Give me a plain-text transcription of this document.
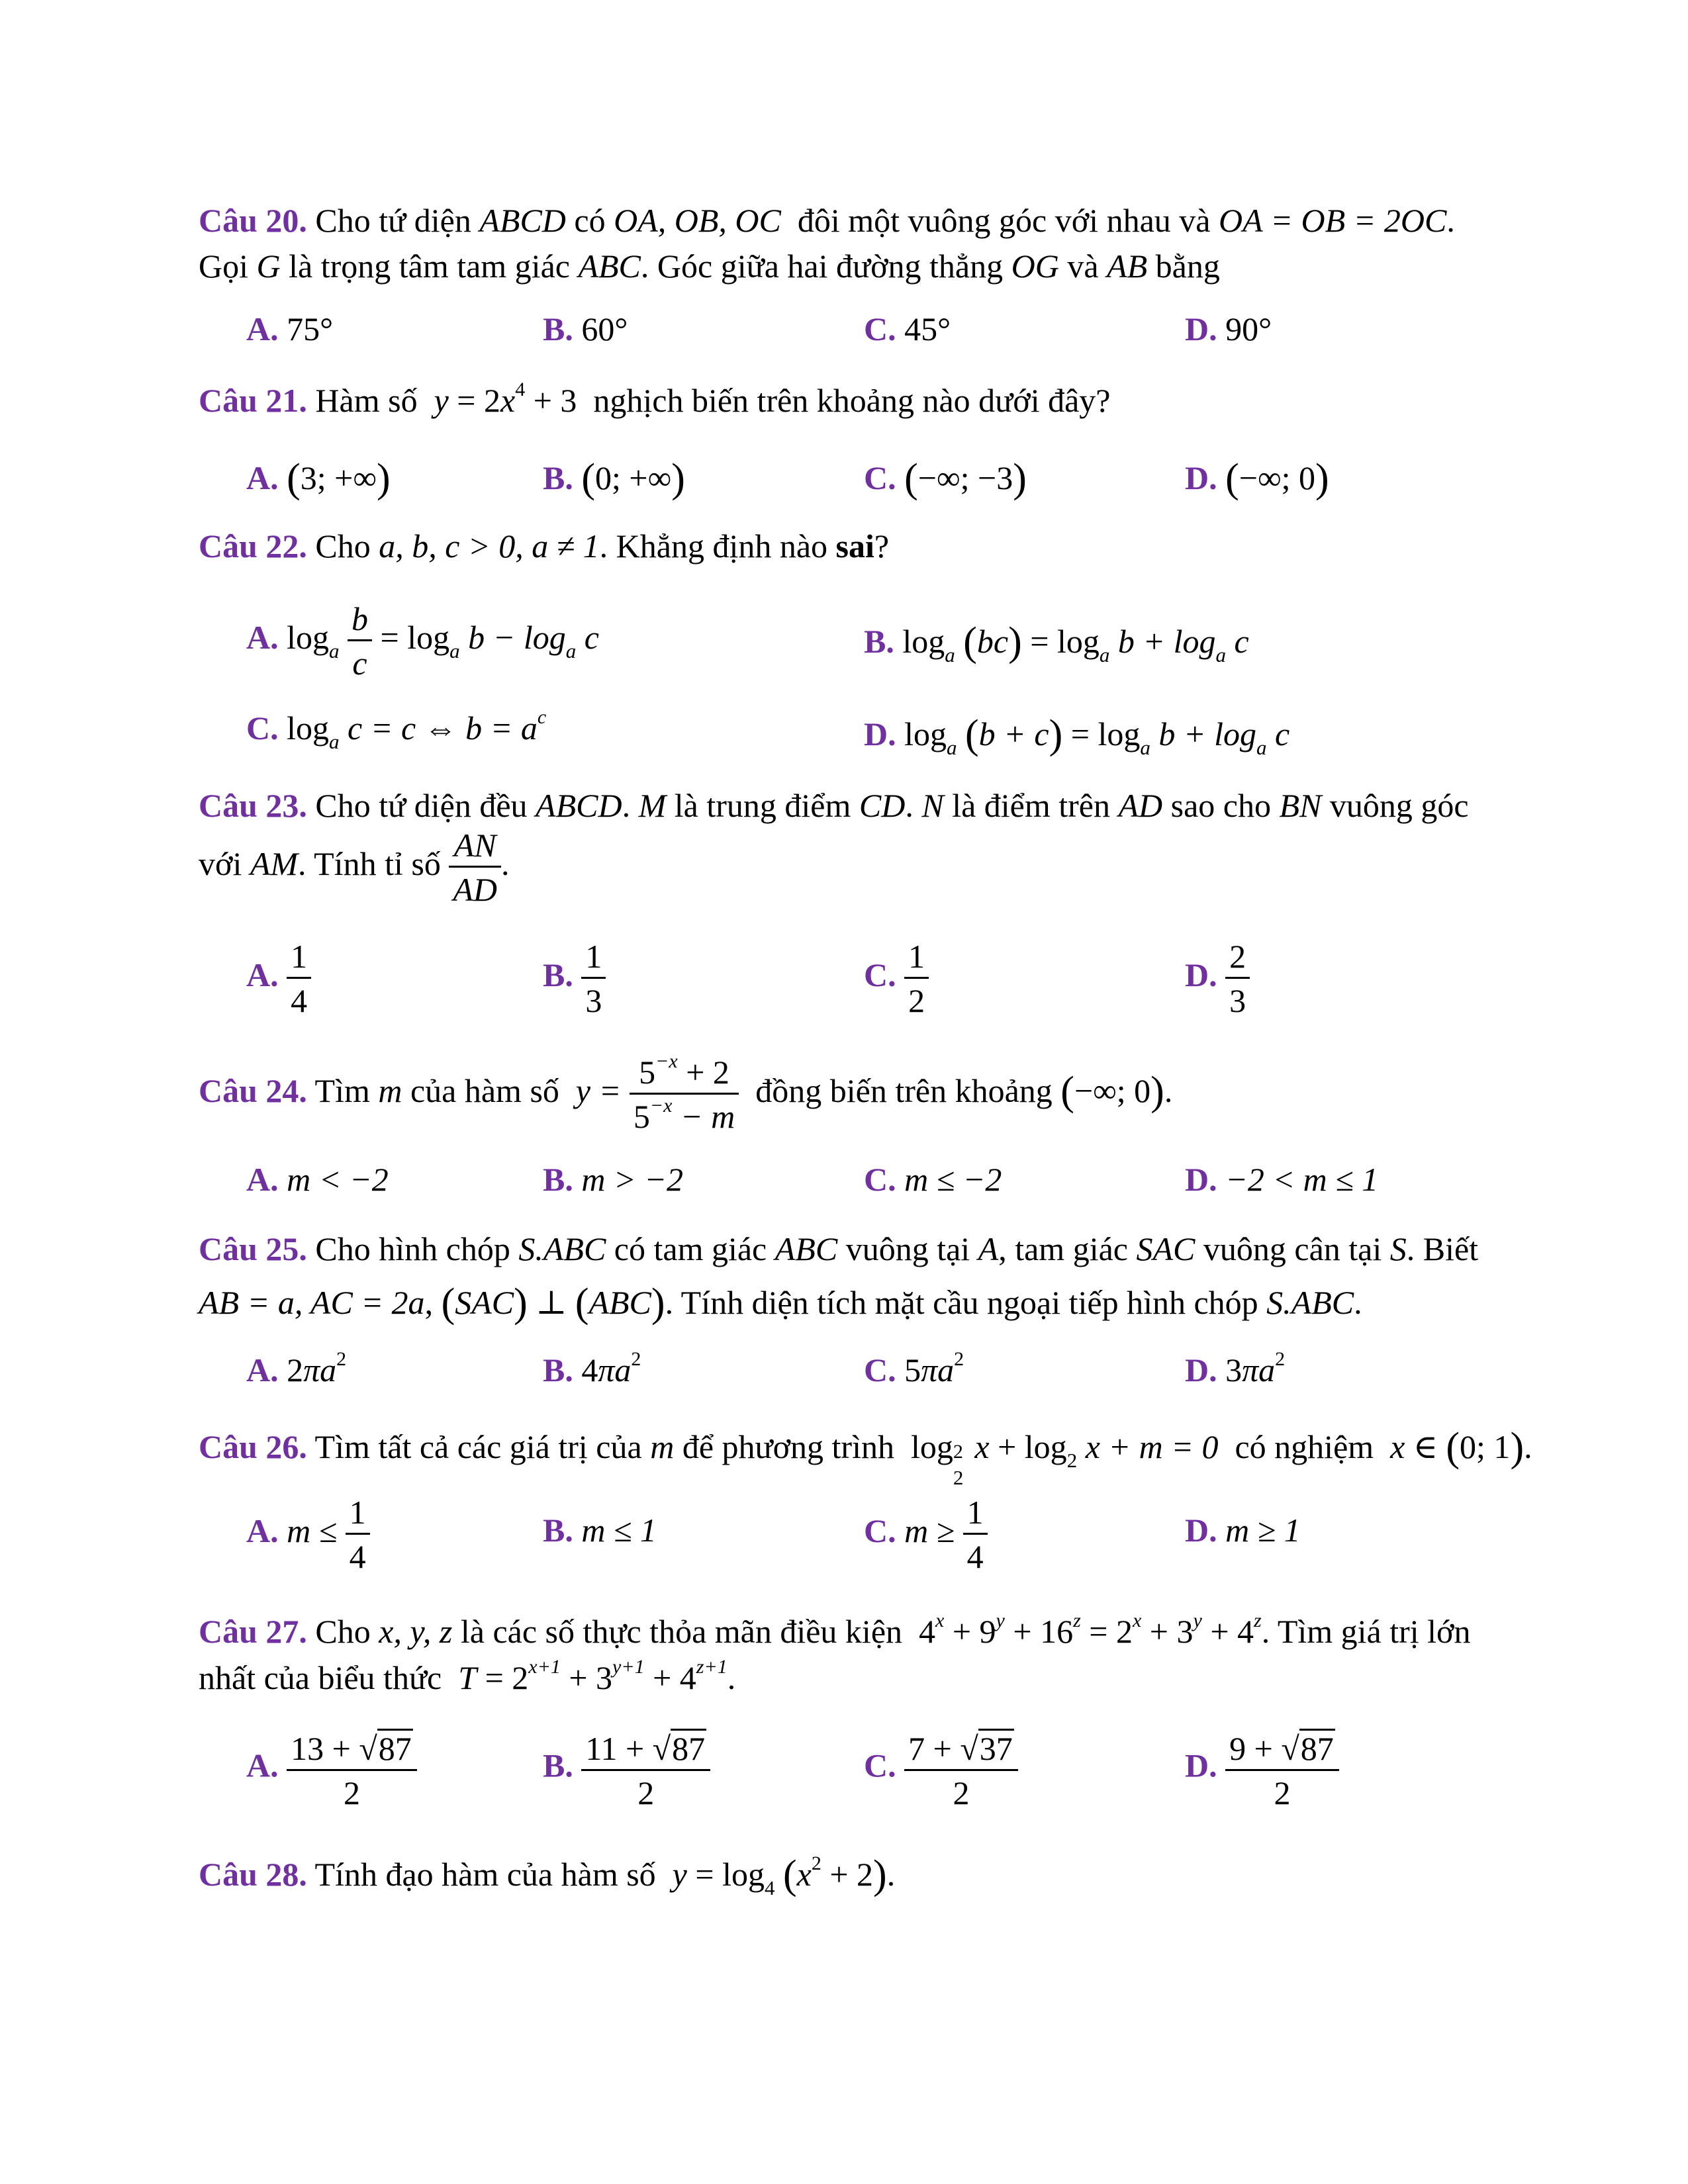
Câu 20. Cho tứ diện ABCD có OA, OB, OC đôi một vuông góc với nhau và OA = OB = 2OC.
Gọi G là trọng tâm tam giác ABC. Góc giữa hai đường thẳng OG và AB bằng
A. 75°	B. 60°	C. 45°	D. 90°
Câu 21. Hàm số $y = 2x^4 + 3$ nghịch biến trên khoảng nào dưới đây?
A. (3; +∞)	B. (0; +∞)	C. (−∞; −3)	D. (−∞; 0)
Câu 22. Cho a, b, c > 0, a ≠ 1. Khẳng định nào sai?
A. $\log_a \frac{b}{c} = \log_a b - \log_a c$	B. $\log_a (bc) = \log_a b + \log_a c$
C. $\log_a c = c$ ⇔ $b = a^c$	D. $\log_a (b + c) = \log_a b + \log_a c$
Câu 23. Cho tứ diện đều ABCD. M là trung điểm CD. N là điểm trên AD sao cho BN vuông góc
với AM. Tính tỉ số $\frac{AN}{AD}$ .
A. $\frac{1}{4}$	B. $\frac{1}{3}$	C. $\frac{1}{2}$	D. $\frac{2}{3}$
Câu 24. Tìm m của hàm số $y = \frac{5^{-x} + 2}{5^{-x} - m}$ đồng biến trên khoảng (−∞; 0).
A. m < −2	B. m > −2	C. m ≤ −2	D. −2 < m ≤ 1
Câu 25. Cho hình chóp S.ABC có tam giác ABC vuông tại A, tam giác SAC vuông cân tại S. Biết
AB = a, AC = 2a, (SAC) ⊥ (ABC). Tính diện tích mặt cầu ngoại tiếp hình chóp S.ABC.
A. $2\pi a^2$	B. $4\pi a^2$	C. $5\pi a^2$	D. $3\pi a^2$
Câu 26. Tìm tất cả các giá trị của m để phương trình log 2
2
$x + \log_2 x + m = 0$ có nghiệm x ∈ (0; 1).
A. $m \le \frac{1}{4}$	B. m ≤ 1	C. $m \ge \frac{1}{4}$	D. m ≥ 1
Câu 27. Cho x, y, z là các số thực thỏa mãn điều kiện $4^x + 9^y + 16^z = 2^x + 3^y + 4^z$. Tìm giá trị lớn
nhất của biểu thức $T = 2^{x+1} + 3^{y+1} + 4^{z+1}$.
A. $\frac{13 + √87}{2}$	B. $\frac{11 + √87}{2}$	C. $\frac{7 + √37}{2}$	D. $\frac{9 + √87}{2}$
Câu 28. Tính đạo hàm của hàm số $y = \log_4 (x^2 + 2)$.
